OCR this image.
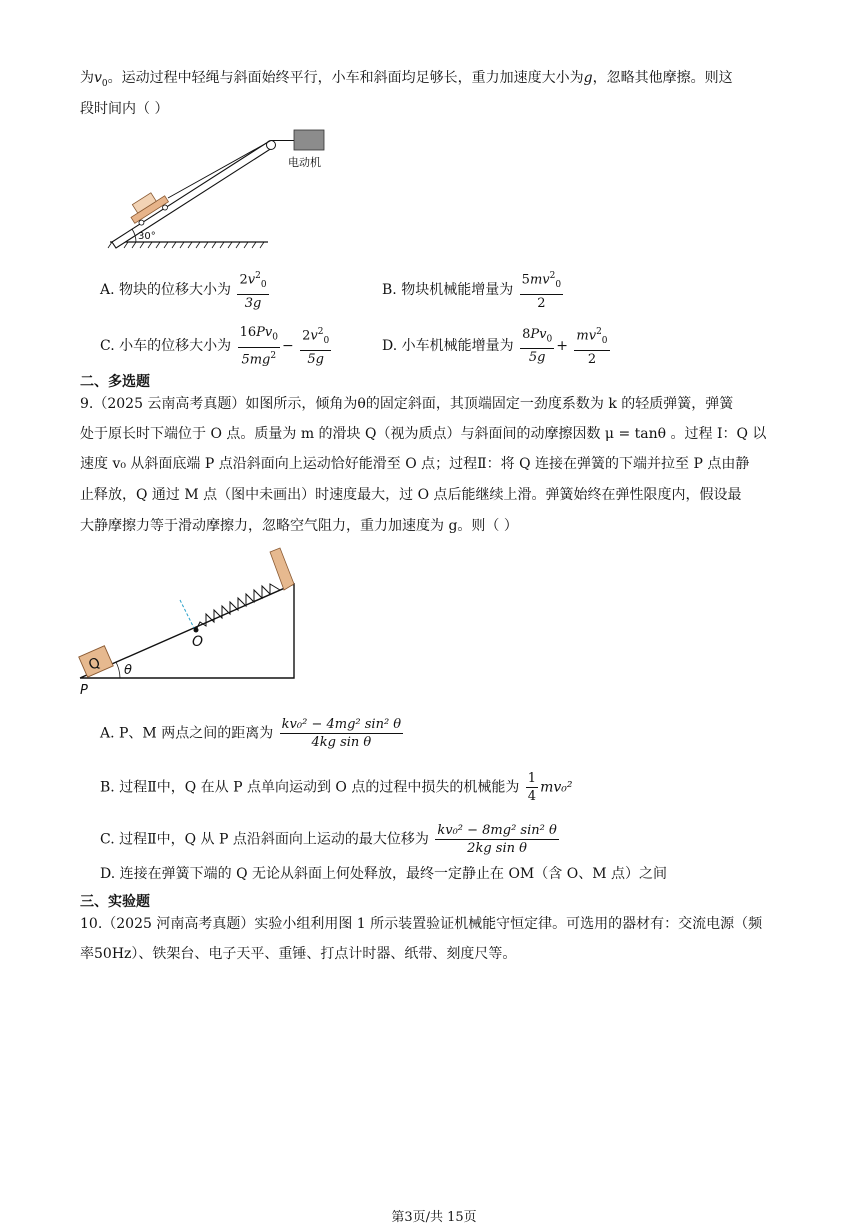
为$v_0$。运动过程中轻绳与斜面始终平行，小车和斜面均足够长，重力加速度大小为g，忽略其他摩擦。则这
段时间内（ ）
电动机
30°
A. 物块的位移大小为 $\frac{2v^2_0}{3g}$	B. 物块机械能增量为 $\frac{5mv^2_0}{2}$
C. 小车的位移大小为 $\frac{16Pv_0}{5mg^2} - \frac{2v^2_0}{5g}$	D. 小车机械能增量为 $\frac{8Pv_0}{5g} + \frac{mv^2_0}{2}$
二、多选题
9.（2025 云南高考真题）如图所示，倾角为θ的固定斜面，其顶端固定一劲度系数为 k 的轻质弹簧，弹簧
处于原长时下端位于 O 点。质量为 m 的滑块 Q（视为质点）与斜面间的动摩擦因数 μ = tanθ 。过程 Ⅰ：Q 以
速度 v₀ 从斜面底端 P 点沿斜面向上运动恰好能滑至 O 点；过程Ⅱ：将 Q 连接在弹簧的下端并拉至 P 点由静
止释放，Q 通过 M 点（图中未画出）时速度最大，过 O 点后能继续上滑。弹簧始终在弹性限度内，假设最
大静摩擦力等于滑动摩擦力，忽略空气阻力，重力加速度为 g。则（ ）
O
Q
P
θ
A. P、M 两点之间的距离为 $\frac{\text{kv₀² − 4mg² sin² θ}}{\text{4kg sin θ}}$
B. 过程Ⅱ中，Q 在从 P 点单向运动到 O 点的过程中损失的机械能为 $\frac{1}{4} mv_0^2$
C. 过程Ⅱ中，Q 从 P 点沿斜面向上运动的最大位移为 $\frac{\text{kv₀² − 8mg² sin² θ}}{\text{2kg sin θ}}$
D. 连接在弹簧下端的 Q 无论从斜面上何处释放，最终一定静止在 OM（含 O、M 点）之间
三、实验题
10.（2025 河南高考真题）实验小组利用图 1 所示装置验证机械能守恒定律。可选用的器材有：交流电源（频
率50Hz）、铁架台、电子天平、重锤、打点计时器、纸带、刻度尺等。
第3页/共 15页
